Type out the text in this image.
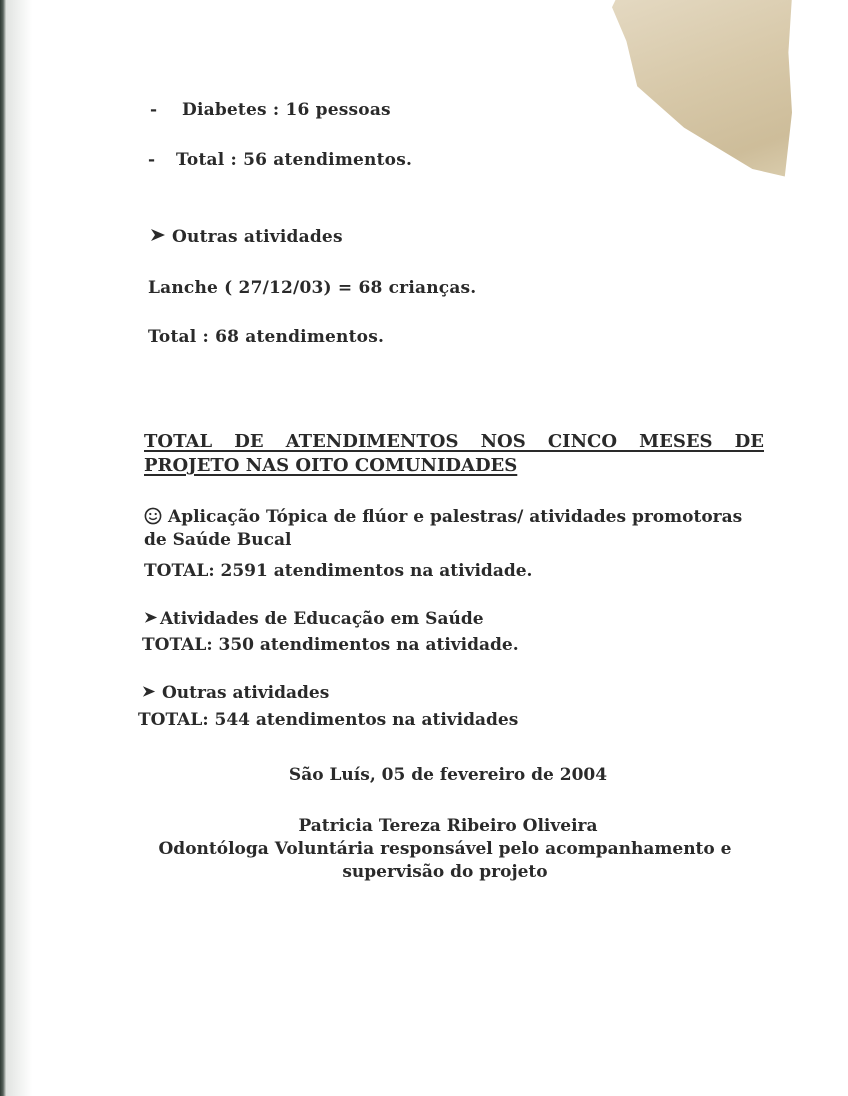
- Diabetes : 16 pessoas
- Total : 56 atendimentos.
Outras atividades
Lanche ( 27/12/03) = 68 crianças.
Total : 68 atendimentos.
TOTAL DE ATENDIMENTOS NOS CINCO MESES DE PROJETO NAS OITO COMUNIDADES
Aplicação Tópica de flúor e palestras/ atividades promotoras de Saúde Bucal
TOTAL: 2591 atendimentos na atividade.
Atividades de Educação em Saúde
TOTAL: 350 atendimentos na atividade.
Outras atividades
TOTAL: 544 atendimentos na atividades
São Luís, 05 de fevereiro de 2004
Patricia Tereza Ribeiro Oliveira
Odontóloga Voluntária responsável pelo acompanhamento e supervisão do projeto
